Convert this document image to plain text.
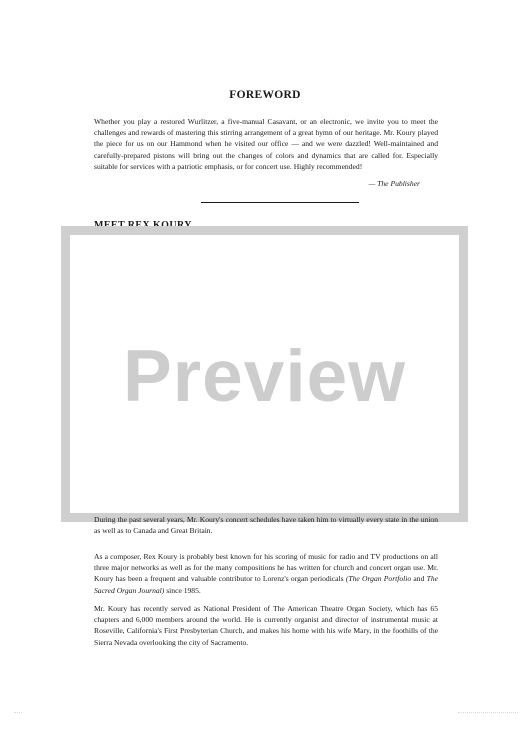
FOREWORD

Whether you play a restored Wurlitzer, a five-manual Casavant, or an electronic, we invite you to meet the challenges and rewards of mastering this stirring arrangement of a great hymn of our heritage. Mr. Koury played the piece for us on our Hammond when he visited our office — and we were dazzled! Well-maintained and carefully-prepared pistons will bring out the changes of colors and dynamics that are called for. Especially suitable for services with a patriotic emphasis, or for concert use. Highly recommended!

— The Publisher

Preview

During the past several years, Mr. Koury's concert schedules have taken him to virtually every state in the union as well as to Canada and Great Britain.

As a composer, Rex Koury is probably best known for his scoring of music for radio and TV productions on all three major networks as well as for the many compositions he has written for church and concert organ use. Mr. Koury has been a frequent and valuable contributor to Lorenz's organ periodicals (The Organ Portfolio and The Sacred Organ Journal) since 1985.

Mr. Koury has recently served as National President of The American Theatre Organ Society, which has 65 chapters and 6,000 members around the world. He is currently organist and director of instrumental music at Roseville, California's First Presbyterian Church, and makes his home with his wife Mary, in the foothills of the Sierra Nevada overlooking the city of Sacramento.
